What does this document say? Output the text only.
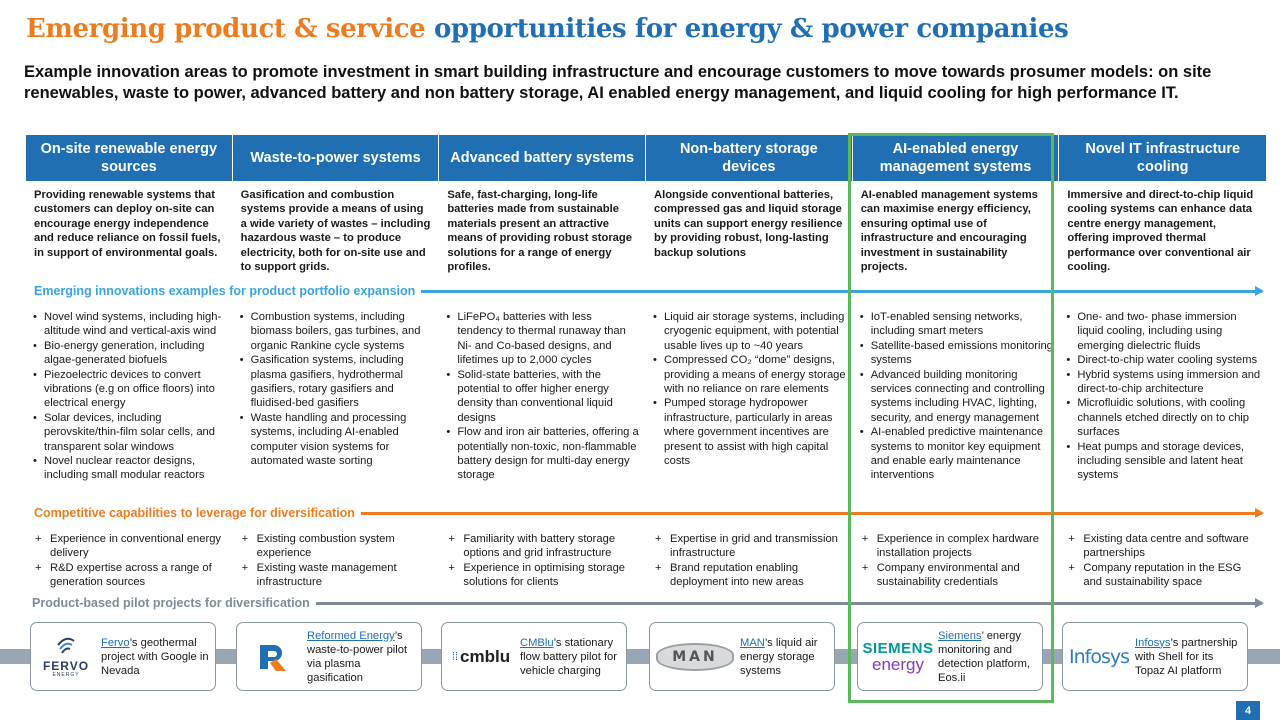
Emerging product & service opportunities for energy & power companies
Example innovation areas to promote investment in smart building infrastructure and encourage customers to move towards prosumer models: on site renewables, waste to power, advanced battery and non battery storage, AI enabled energy management, and liquid cooling for high performance IT.
On-site renewable energy sources
Providing renewable systems that customers can deploy on-site can encourage energy independence and reduce reliance on fossil fuels, in support of environmental goals.
• Novel wind systems, including high-altitude wind and vertical-axis wind
• Bio-energy generation, including algae-generated biofuels
• Piezoelectric devices to convert vibrations (e.g on office floors) into electrical energy
• Solar devices, including perovskite/thin-film solar cells, and transparent solar windows
• Novel nuclear reactor designs, including small modular reactors
+ Experience in conventional energy delivery
+ R&D expertise across a range of generation sources
Waste-to-power systems
Gasification and combustion systems provide a means of using a wide variety of wastes – including hazardous waste – to produce electricity, both for on-site use and to support grids.
• Combustion systems, including biomass boilers, gas turbines, and organic Rankine cycle systems
• Gasification systems, including plasma gasifiers, hydrothermal gasifiers, rotary gasifiers and fluidised-bed gasifiers
• Waste handling and processing systems, including AI-enabled computer vision systems for automated waste sorting
+ Existing combustion system experience
+ Existing waste management infrastructure
Advanced battery systems
Safe, fast-charging, long-life batteries made from sustainable materials present an attractive means of providing robust storage solutions for a range of energy profiles.
• LiFePO₄ batteries with less tendency to thermal runaway than Ni- and Co-based designs, and lifetimes up to 2,000 cycles
• Solid-state batteries, with the potential to offer higher energy density than conventional liquid designs
• Flow and iron air batteries, offering a potentially non-toxic, non-flammable battery design for multi-day energy storage
+ Familiarity with battery storage options and grid infrastructure
+ Experience in optimising storage solutions for clients
Non-battery storage devices
Alongside conventional batteries, compressed gas and liquid storage units can support energy resilience by providing robust, long-lasting backup solutions
• Liquid air storage systems, including cryogenic equipment, with potential usable lives up to ~40 years
• Compressed CO₂ “dome” designs, providing a means of energy storage with no reliance on rare elements
• Pumped storage hydropower infrastructure, particularly in areas where government incentives are present to assist with high capital costs
+ Expertise in grid and transmission infrastructure
+ Brand reputation enabling deployment into new areas
AI-enabled energy management systems
AI-enabled management systems can maximise energy efficiency, ensuring optimal use of infrastructure and encouraging investment in sustainability projects.
• IoT-enabled sensing networks, including smart meters
• Satellite-based emissions monitoring systems
• Advanced building monitoring services connecting and controlling systems including HVAC, lighting, security, and energy management
• AI-enabled predictive maintenance systems to monitor key equipment and enable early maintenance interventions
+ Experience in complex hardware installation projects
+ Company environmental and sustainability credentials
Novel IT infrastructure cooling
Immersive and direct-to-chip liquid cooling systems can enhance data centre energy management, offering improved thermal performance over conventional air cooling.
• One- and two- phase immersion liquid cooling, including using emerging dielectric fluids
• Direct-to-chip water cooling systems
• Hybrid systems using immersion and direct-to-chip architecture
• Microfluidic solutions, with cooling channels etched directly on to chip surfaces
• Heat pumps and storage devices, including sensible and latent heat systems
+ Existing data centre and software partnerships
+ Company reputation in the ESG and sustainability space
Emerging innovations examples for product portfolio expansion
Competitive capabilities to leverage for diversification
Product-based pilot projects for diversification
FERVO
ENERGY
Fervo’s geothermal project with Google in Nevada
Reformed Energy’s waste-to-power pilot via plasma gasification
⁞⁞ cmblu
CMBlu’s stationary flow battery pilot for vehicle charging
MAN
MAN’s liquid air energy storage systems
SIEMENS
energy
Siemens’ energy monitoring and detection platform, Eos.ii
Infosys
Infosys’s partnership with Shell for its Topaz AI platform
4
